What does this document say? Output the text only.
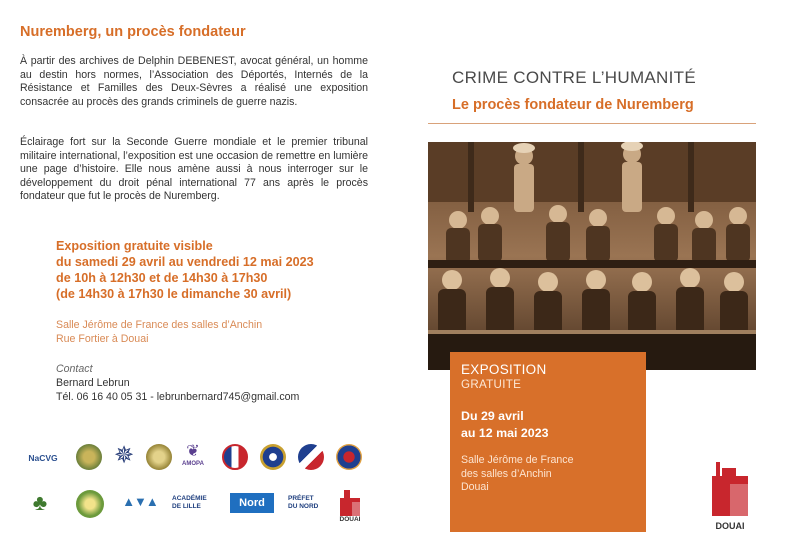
Nuremberg, un procès fondateur

À partir des archives de Delphin DEBENEST, avocat général, un homme au destin hors normes, l’Association des Déportés, Internés de la Résistance et Familles des Deux-Sèvres a réalisé une exposition consacrée au procès des grands criminels de guerre nazis.

Éclairage fort sur la Seconde Guerre mondiale et le premier tribunal militaire international, l’exposition est une occasion de remettre en lumière une page d’histoire. Elle nous amène aussi à nous interroger sur le développement du droit pénal international 77 ans après le procès fondateur que fut le procès de Nuremberg.

Exposition gratuite visible
du samedi 29 avril au vendredi 12 mai 2023
de 10h à 12h30 et de 14h30 à 17h30
(de 14h30 à 17h30 le dimanche 30 avril)
Salle Jérôme de France des salles d’Anchin
Rue Fortier à Douai
Contact
Bernard Lebrun
Tél. 06 16 40 05 31 - lebrunbernard745@gmail.com
NaCVG ✵	❦
AMOPA
♣	▲▼▲ ACADÉMIE DE LILLE	Nord	PRÉFET DU NORD
DOUAI
CRIME CONTRE L’HUMANITÉ
Le procès fondateur de Nuremberg
EXPOSITION
GRATUITE
Du 29 avril
au 12 mai 2023
Salle Jérôme de France
des salles d’Anchin
Douai
DOUAI
